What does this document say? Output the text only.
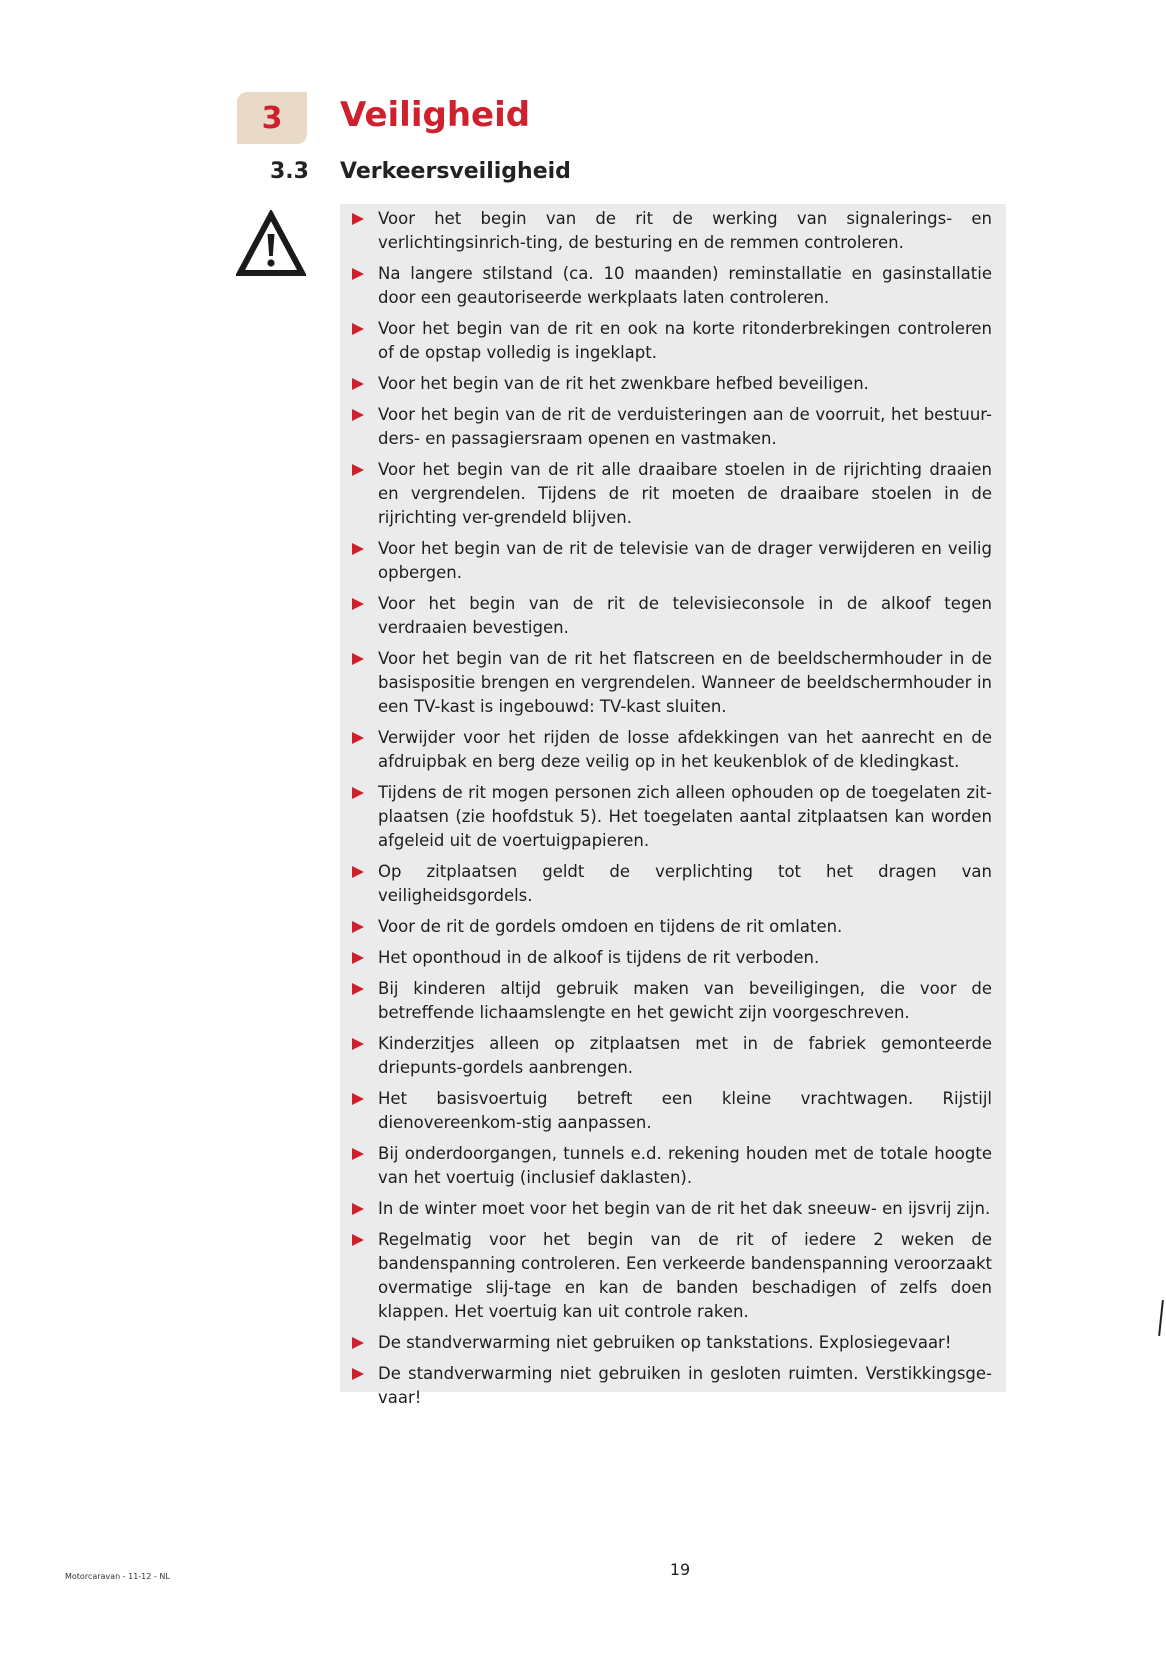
3 Veiligheid
3.3 Verkeersveiligheid
Voor het begin van de rit de werking van signalerings- en verlichtingsinrich-ting, de besturing en de remmen controleren.
Na langere stilstand (ca. 10 maanden) reminstallatie en gasinstallatie door een geautoriseerde werkplaats laten controleren.
Voor het begin van de rit en ook na korte ritonderbrekingen controleren of de opstap volledig is ingeklapt.
Voor het begin van de rit het zwenkbare hefbed beveiligen.
Voor het begin van de rit de verduisteringen aan de voorruit, het bestuur-ders- en passagiersraam openen en vastmaken.
Voor het begin van de rit alle draaibare stoelen in de rijrichting draaien en vergrendelen. Tijdens de rit moeten de draaibare stoelen in de rijrichting ver-grendeld blijven.
Voor het begin van de rit de televisie van de drager verwijderen en veilig opbergen.
Voor het begin van de rit de televisieconsole in de alkoof tegen verdraaien bevestigen.
Voor het begin van de rit het flatscreen en de beeldschermhouder in de basispositie brengen en vergrendelen. Wanneer de beeldschermhouder in een TV-kast is ingebouwd: TV-kast sluiten.
Verwijder voor het rijden de losse afdekkingen van het aanrecht en de afdruipbak en berg deze veilig op in het keukenblok of de kledingkast.
Tijdens de rit mogen personen zich alleen ophouden op de toegelaten zit-plaatsen (zie hoofdstuk 5). Het toegelaten aantal zitplaatsen kan worden afgeleid uit de voertuigpapieren.
Op zitplaatsen geldt de verplichting tot het dragen van veiligheidsgordels.
Voor de rit de gordels omdoen en tijdens de rit omlaten.
Het oponthoud in de alkoof is tijdens de rit verboden.
Bij kinderen altijd gebruik maken van beveiligingen, die voor de betreffende lichaamslengte en het gewicht zijn voorgeschreven.
Kinderzitjes alleen op zitplaatsen met in de fabriek gemonteerde driepunts-gordels aanbrengen.
Het basisvoertuig betreft een kleine vrachtwagen. Rijstijl dienovereenkom-stig aanpassen.
Bij onderdoorgangen, tunnels e.d. rekening houden met de totale hoogte van het voertuig (inclusief daklasten).
In de winter moet voor het begin van de rit het dak sneeuw- en ijsvrij zijn.
Regelmatig voor het begin van de rit of iedere 2 weken de bandenspanning controleren. Een verkeerde bandenspanning veroorzaakt overmatige slij-tage en kan de banden beschadigen of zelfs doen klappen. Het voertuig kan uit controle raken.
De standverwarming niet gebruiken op tankstations. Explosiegevaar!
De standverwarming niet gebruiken in gesloten ruimten. Verstikkingsge-vaar!
Motorcaravan - 11-12 - NL	19
